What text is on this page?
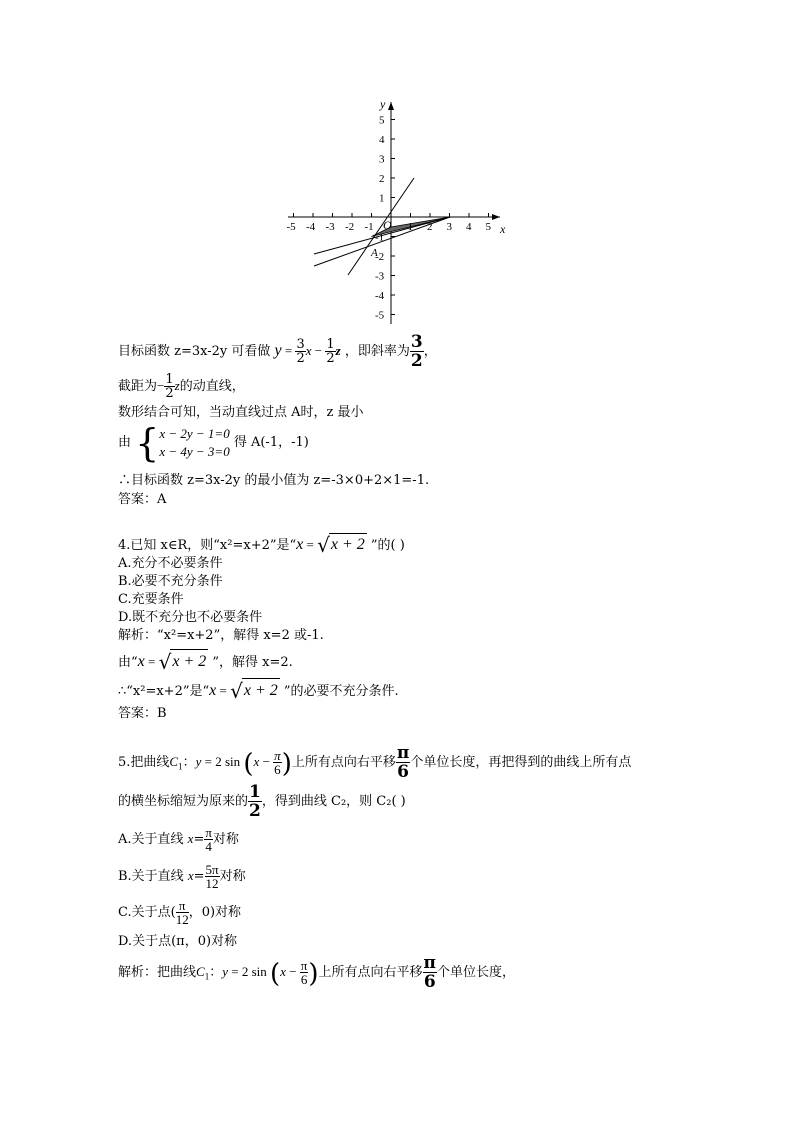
-5 -4 -3 -2 -1	1 2 3 4 5
5
4
3
2
1
-1
-2
-3
-4
-5
y
x
O
A
目标函数 z=3x-2y 可看做 $y = \frac{3}{2}$ $x - \frac{1}{2}$ z ，即斜率为 $\frac{3}{2}$ ，
截距为− $\frac{1}{2}$ z的动直线，
数形结合可知，当动直线过点 A时，z 最小
由 { x − 2y − 1=0
x − 4y − 3=0
得 A(-1，-1)
∴目标函数 z=3x-2y 的最小值为 z=-3×0+2×1=-1.
答案：A
4.已知 x∈R，则“x²=x+2”是“x = √x + 2 ”的( )
A.充分不必要条件
B.必要不充分条件
C.充要条件
D.既不充分也不必要条件
解析：“x²=x+2”，解得 x=2 或-1.
由“x = √x + 2 ”，解得 x=2.
∴“x²=x+2”是“x = √x + 2 ”的必要不充分条件.
答案：B
5.把曲线$C_1$：y = 2 $\sin (x - \frac{\pi}{6}$ )上所有点向右平移 $\frac{\pi}{6}$ 个单位长度，再把得到的曲线上所有点
的横坐标缩短为原来的 $\frac{1}{2}$ ，得到曲线 C₂，则 C₂( )
A.关于直线 $x= \frac{\pi}{4}$ 对称
B.关于直线 $x= \frac{5\pi}{12}$ 对称
C.关于点( $\frac{\pi}{12}$ ，0)对称
D.关于点(π，0)对称
解析：把曲线$C_1$：y = 2 $\sin (x - \frac{\pi}{6}$ )上所有点向右平移 $\frac{\pi}{6}$ 个单位长度，
